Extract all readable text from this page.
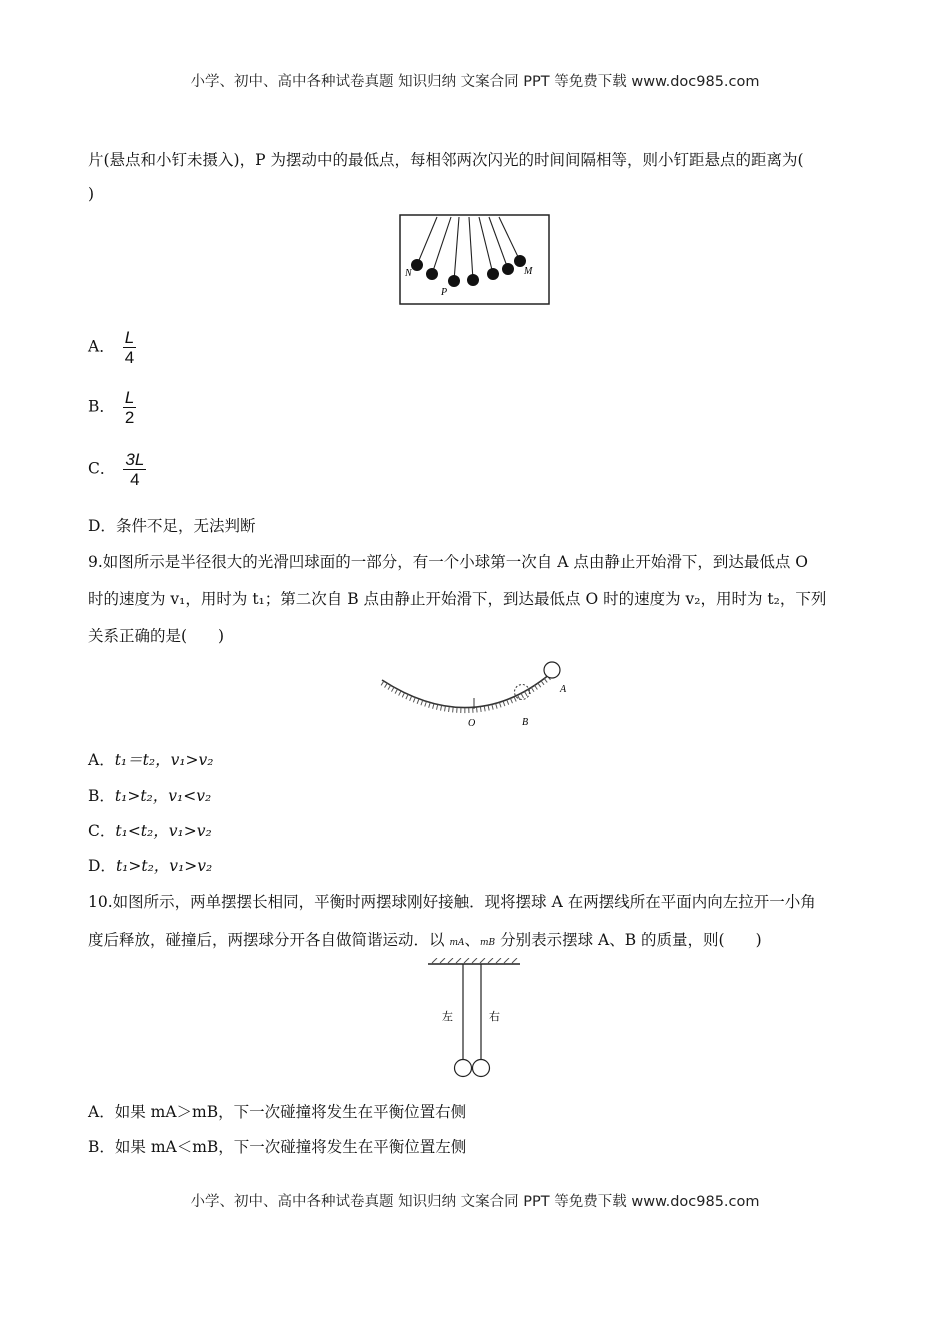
小学、初中、高中各种试卷真题 知识归纳 文案合同 PPT 等免费下载 www.doc985.com
片(悬点和小钉未摄入)，P 为摆动中的最低点，每相邻两次闪光的时间间隔相等，则小钉距悬点的距离为(
)
N
P
M
A． $\frac{L}{4}$
B． $\frac{L}{2}$
C． $\frac{3L}{4}$
D．条件不足，无法判断
9.如图所示是半径很大的光滑凹球面的一部分，有一个小球第一次自 A 点由静止开始滑下，到达最低点 O
时的速度为 v₁，用时为 t₁；第二次自 B 点由静止开始滑下，到达最低点 O 时的速度为 v₂，用时为 t₂，下列
关系正确的是(　　)
O	B
A
A．t₁＝t₂，v₁>v₂
B．t₁>t₂，v₁<v₂
C．t₁<t₂，v₁>v₂
D．t₁>t₂，v₁>v₂
10.如图所示，两单摆摆长相同，平衡时两摆球刚好接触．现将摆球 A 在两摆线所在平面内向左拉开一小角
度后释放，碰撞后，两摆球分开各自做简谐运动．以 mA、mB 分别表示摆球 A、B 的质量，则(　　)
左	右
A．如果 mA＞mB，下一次碰撞将发生在平衡位置右侧
B．如果 mA＜mB，下一次碰撞将发生在平衡位置左侧
小学、初中、高中各种试卷真题 知识归纳 文案合同 PPT 等免费下载 www.doc985.com
